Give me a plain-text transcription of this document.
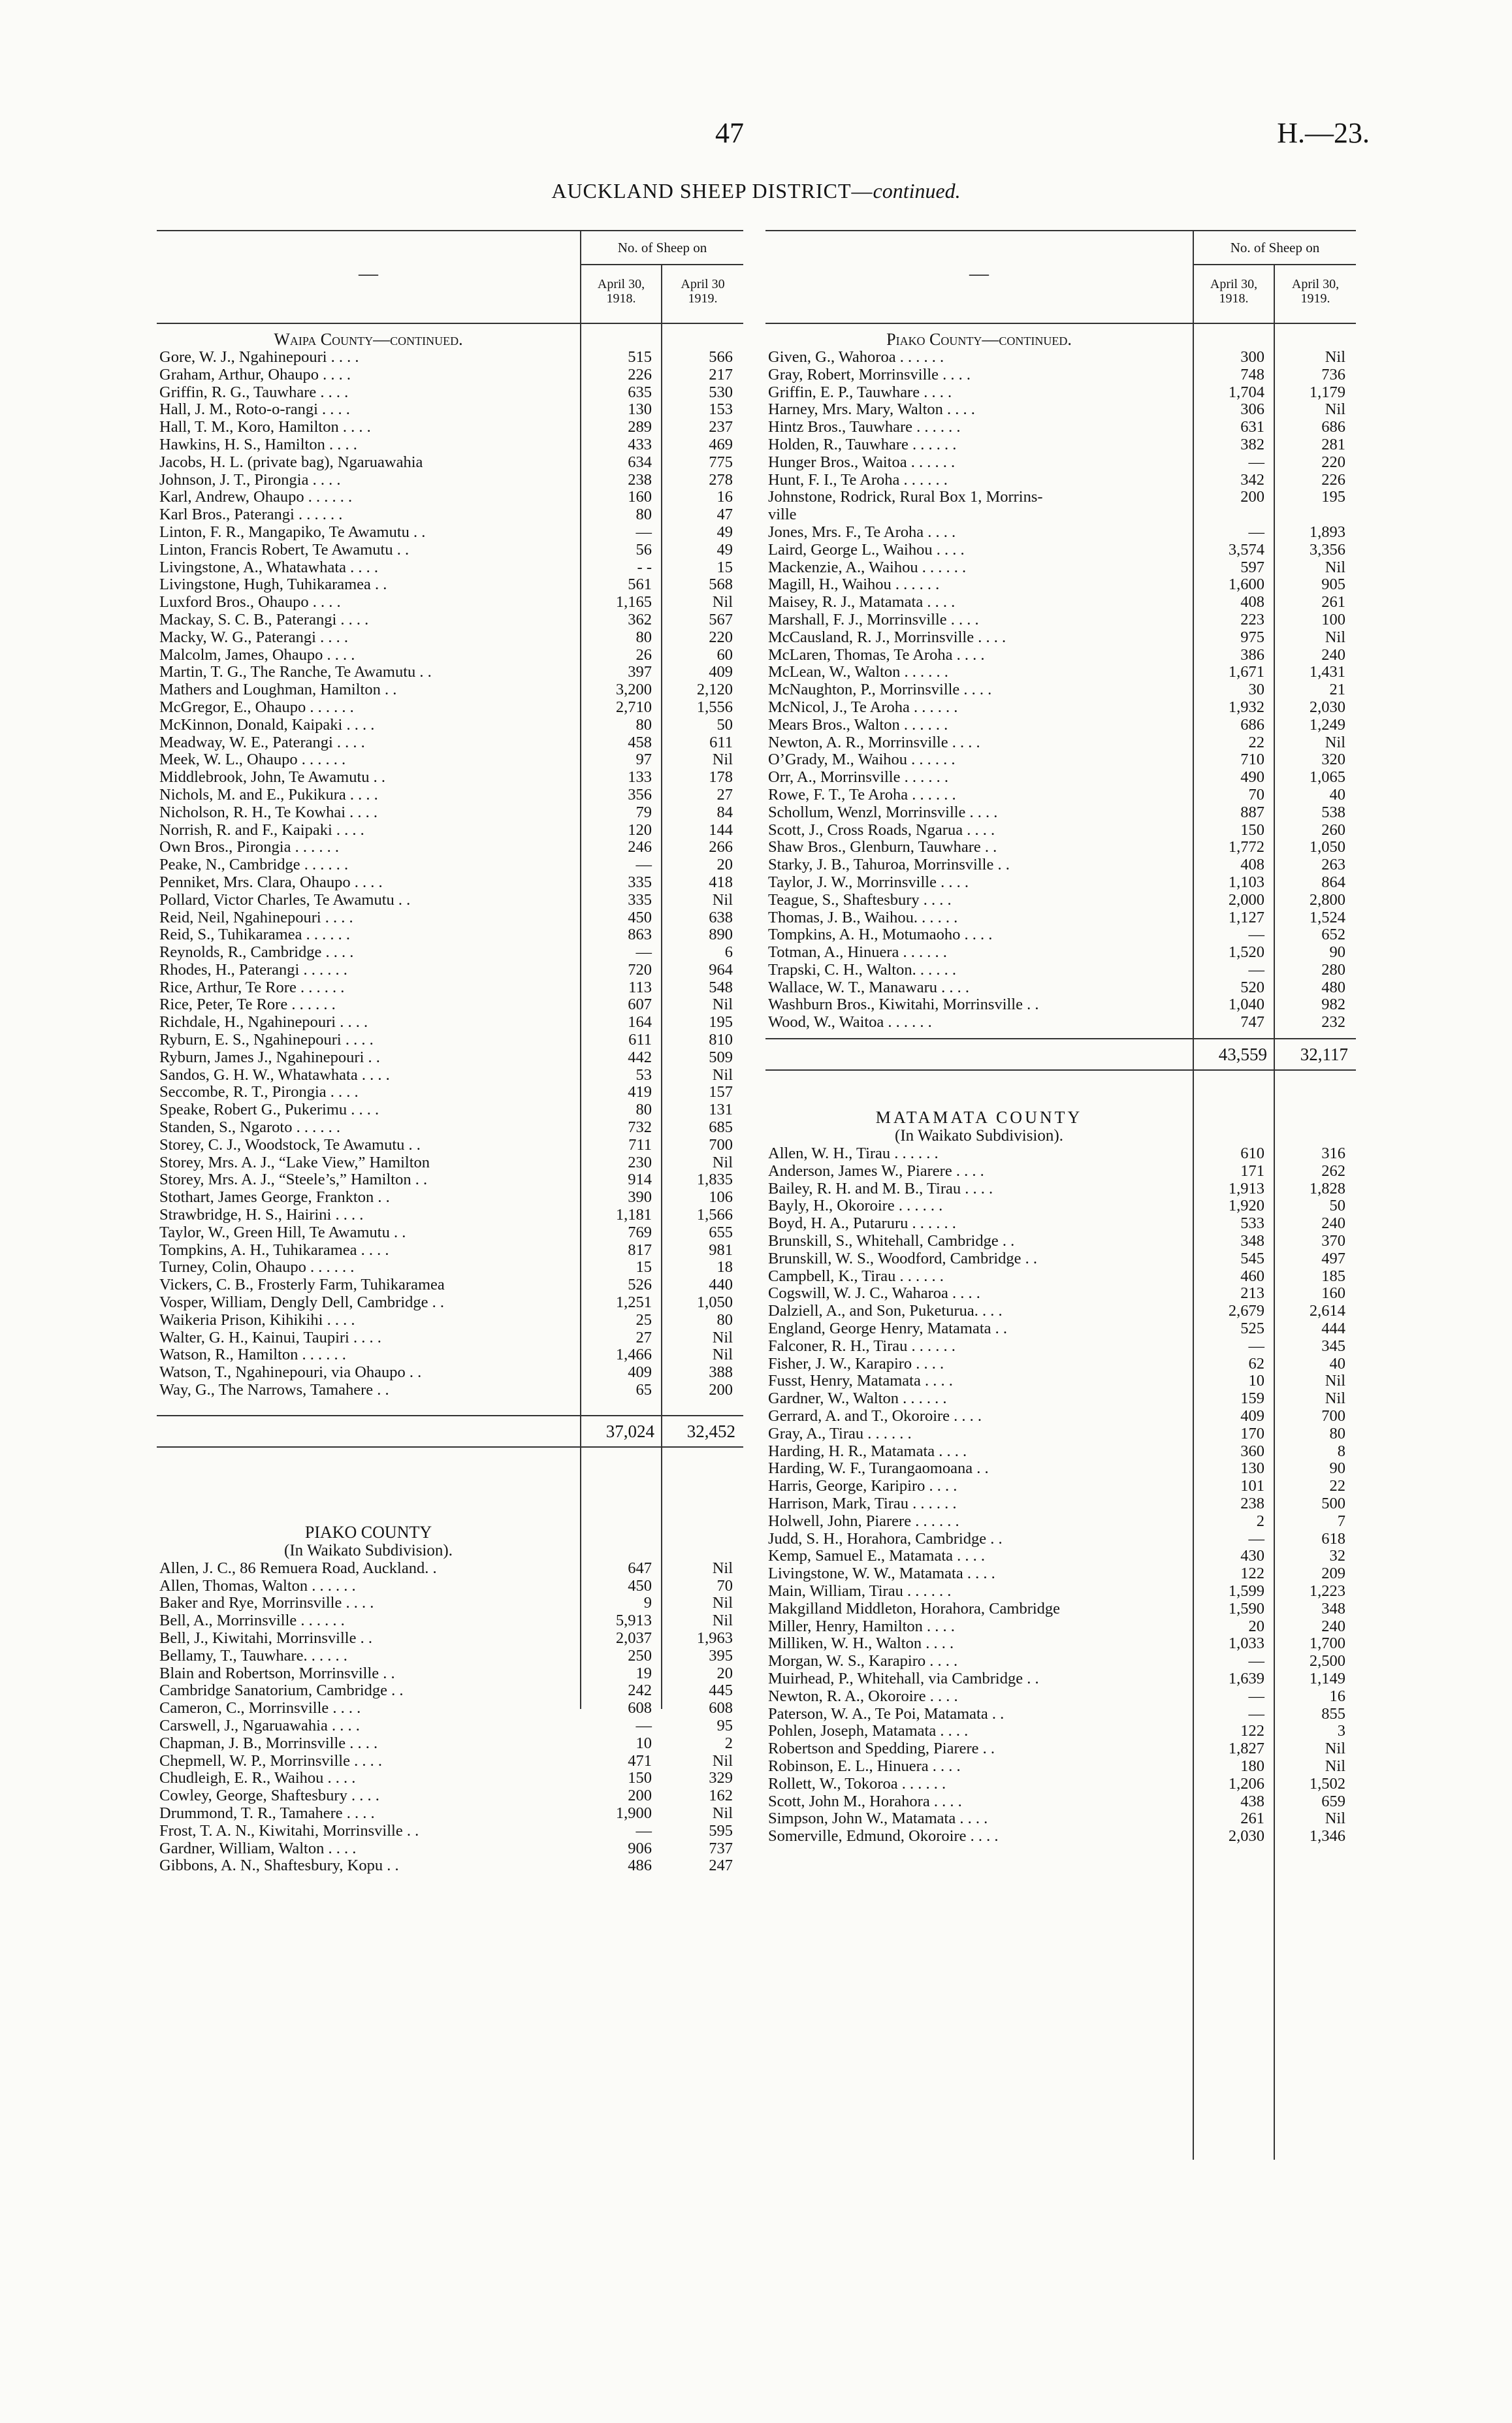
47	H.—23.
AUCKLAND SHEEP DISTRICT—continued.
—
No. of Sheep on
April 30,
1918.
April 30
1919.
Waipa County—continued.
Gore, W. J., Ngahinepouri . . . .	515	566
Graham, Arthur, Ohaupo . . . .	226	217
Griffin, R. G., Tauwhare . . . .	635	530
Hall, J. M., Roto-o-rangi . . . .	130	153
Hall, T. M., Koro, Hamilton . . . .	289	237
Hawkins, H. S., Hamilton . . . .	433	469
Jacobs, H. L. (private bag), Ngaruawahia	634	775
Johnson, J. T., Pirongia . . . .	238	278
Karl, Andrew, Ohaupo . . . . . .	160	16
Karl Bros., Paterangi . . . . . .	80	47
Linton, F. R., Mangapiko, Te Awamutu . .	—	49
Linton, Francis Robert, Te Awamutu . .	56	49
Livingstone, A., Whatawhata . . . .	- -	15
Livingstone, Hugh, Tuhikaramea . .	561	568
Luxford Bros., Ohaupo . . . .	1,165	Nil
Mackay, S. C. B., Paterangi . . . .	362	567
Macky, W. G., Paterangi . . . .	80	220
Malcolm, James, Ohaupo . . . .	26	60
Martin, T. G., The Ranche, Te Awamutu . .	397	409
Mathers and Loughman, Hamilton . .	3,200	2,120
McGregor, E., Ohaupo . . . . . .	2,710	1,556
McKinnon, Donald, Kaipaki . . . .	80	50
Meadway, W. E., Paterangi . . . .	458	611
Meek, W. L., Ohaupo . . . . . .	97	Nil
Middlebrook, John, Te Awamutu . .	133	178
Nichols, M. and E., Pukikura . . . .	356	27
Nicholson, R. H., Te Kowhai . . . .	79	84
Norrish, R. and F., Kaipaki . . . .	120	144
Own Bros., Pirongia . . . . . .	246	266
Peake, N., Cambridge . . . . . .	—	20
Penniket, Mrs. Clara, Ohaupo . . . .	335	418
Pollard, Victor Charles, Te Awamutu . .	335	Nil
Reid, Neil, Ngahinepouri . . . .	450	638
Reid, S., Tuhikaramea . . . . . .	863	890
Reynolds, R., Cambridge . . . .	—	6
Rhodes, H., Paterangi . . . . . .	720	964
Rice, Arthur, Te Rore . . . . . .	113	548
Rice, Peter, Te Rore . . . . . .	607	Nil
Richdale, H., Ngahinepouri . . . .	164	195
Ryburn, E. S., Ngahinepouri . . . .	611	810
Ryburn, James J., Ngahinepouri . .	442	509
Sandos, G. H. W., Whatawhata . . . .	53	Nil
Seccombe, R. T., Pirongia . . . .	419	157
Speake, Robert G., Pukerimu . . . .	80	131
Standen, S., Ngaroto . . . . . .	732	685
Storey, C. J., Woodstock, Te Awamutu . .	711	700
Storey, Mrs. A. J., “Lake View,” Hamilton	230	Nil
Storey, Mrs. A. J., “Steele’s,” Hamilton . .	914	1,835
Stothart, James George, Frankton . .	390	106
Strawbridge, H. S., Hairini . . . .	1,181	1,566
Taylor, W., Green Hill, Te Awamutu . .	769	655
Tompkins, A. H., Tuhikaramea . . . .	817	981
Turney, Colin, Ohaupo . . . . . .	15	18
Vickers, C. B., Frosterly Farm, Tuhikaramea	526	440
Vosper, William, Dengly Dell, Cambridge . .	1,251	1,050
Waikeria Prison, Kihikihi . . . .	25	80
Walter, G. H., Kainui, Taupiri . . . .	27	Nil
Watson, R., Hamilton . . . . . .	1,466	Nil
Watson, T., Ngahinepouri, via Ohaupo . .	409	388
Way, G., The Narrows, Tamahere . .	65	200
37,024	32,452
PIAKO COUNTY
(In Waikato Subdivision).
Allen, J. C., 86 Remuera Road, Auckland. .	647	Nil
Allen, Thomas, Walton . . . . . .	450	70
Baker and Rye, Morrinsville . . . .	9	Nil
Bell, A., Morrinsville . . . . . .	5,913	Nil
Bell, J., Kiwitahi, Morrinsville . .	2,037	1,963
Bellamy, T., Tauwhare. . . . . .	250	395
Blain and Robertson, Morrinsville . .	19	20
Cambridge Sanatorium, Cambridge . .	242	445
Cameron, C., Morrinsville . . . .	608	608
Carswell, J., Ngaruawahia . . . .	—	95
Chapman, J. B., Morrinsville . . . .	10	2
Chepmell, W. P., Morrinsville . . . .	471	Nil
Chudleigh, E. R., Waihou . . . .	150	329
Cowley, George, Shaftesbury . . . .	200	162
Drummond, T. R., Tamahere . . . .	1,900	Nil
Frost, T. A. N., Kiwitahi, Morrinsville . .	—	595
Gardner, William, Walton . . . .	906	737
Gibbons, A. N., Shaftesbury, Kopu . .	486	247
—
No. of Sheep on
April 30,
1918.
April 30,
1919.
Piako County—continued.
Given, G., Wahoroa . . . . . .	300	Nil
Gray, Robert, Morrinsville . . . .	748	736
Griffin, E. P., Tauwhare . . . .	1,704	1,179
Harney, Mrs. Mary, Walton . . . .	306	Nil
Hintz Bros., Tauwhare . . . . . .	631	686
Holden, R., Tauwhare . . . . . .	382	281
Hunger Bros., Waitoa . . . . . .	—	220
Hunt, F. I., Te Aroha . . . . . .	342	226
Johnstone, Rodrick, Rural Box 1, Morrins-	200	195
ville
Jones, Mrs. F., Te Aroha . . . .	—	1,893
Laird, George L., Waihou . . . .	3,574	3,356
Mackenzie, A., Waihou . . . . . .	597	Nil
Magill, H., Waihou . . . . . .	1,600	905
Maisey, R. J., Matamata . . . .	408	261
Marshall, F. J., Morrinsville . . . .	223	100
McCausland, R. J., Morrinsville . . . .	975	Nil
McLaren, Thomas, Te Aroha . . . .	386	240
McLean, W., Walton . . . . . .	1,671	1,431
McNaughton, P., Morrinsville . . . .	30	21
McNicol, J., Te Aroha . . . . . .	1,932	2,030
Mears Bros., Walton . . . . . .	686	1,249
Newton, A. R., Morrinsville . . . .	22	Nil
O’Grady, M., Waihou . . . . . .	710	320
Orr, A., Morrinsville . . . . . .	490	1,065
Rowe, F. T., Te Aroha . . . . . .	70	40
Schollum, Wenzl, Morrinsville . . . .	887	538
Scott, J., Cross Roads, Ngarua . . . .	150	260
Shaw Bros., Glenburn, Tauwhare . .	1,772	1,050
Starky, J. B., Tahuroa, Morrinsville . .	408	263
Taylor, J. W., Morrinsville . . . .	1,103	864
Teague, S., Shaftesbury . . . .	2,000	2,800
Thomas, J. B., Waihou. . . . . .	1,127	1,524
Tompkins, A. H., Motumaoho . . . .	—	652
Totman, A., Hinuera . . . . . .	1,520	90
Trapski, C. H., Walton. . . . . .	—	280
Wallace, W. T., Manawaru . . . .	520	480
Washburn Bros., Kiwitahi, Morrinsville . .	1,040	982
Wood, W., Waitoa . . . . . .	747	232
43,559	32,117
MATAMATA COUNTY
(In Waikato Subdivision).
Allen, W. H., Tirau . . . . . .	610	316
Anderson, James W., Piarere . . . .	171	262
Bailey, R. H. and M. B., Tirau . . . .	1,913	1,828
Bayly, H., Okoroire . . . . . .	1,920	50
Boyd, H. A., Putaruru . . . . . .	533	240
Brunskill, S., Whitehall, Cambridge . .	348	370
Brunskill, W. S., Woodford, Cambridge . .	545	497
Campbell, K., Tirau . . . . . .	460	185
Cogswill, W. J. C., Waharoa . . . .	213	160
Dalziell, A., and Son, Puketurua. . . .	2,679	2,614
England, George Henry, Matamata . .	525	444
Falconer, R. H., Tirau . . . . . .	—	345
Fisher, J. W., Karapiro . . . .	62	40
Fusst, Henry, Matamata . . . .	10	Nil
Gardner, W., Walton . . . . . .	159	Nil
Gerrard, A. and T., Okoroire . . . .	409	700
Gray, A., Tirau . . . . . .	170	80
Harding, H. R., Matamata . . . .	360	8
Harding, W. F., Turangaomoana . .	130	90
Harris, George, Karipiro . . . .	101	22
Harrison, Mark, Tirau . . . . . .	238	500
Holwell, John, Piarere . . . . . .	2	7
Judd, S. H., Horahora, Cambridge . .	—	618
Kemp, Samuel E., Matamata . . . .	430	32
Livingstone, W. W., Matamata . . . .	122	209
Main, William, Tirau . . . . . .	1,599	1,223
Makgilland Middleton, Horahora, Cambridge	1,590	348
Miller, Henry, Hamilton . . . .	20	240
Milliken, W. H., Walton . . . .	1,033	1,700
Morgan, W. S., Karapiro . . . .	—	2,500
Muirhead, P., Whitehall, via Cambridge . .	1,639	1,149
Newton, R. A., Okoroire . . . .	—	16
Paterson, W. A., Te Poi, Matamata . .	—	855
Pohlen, Joseph, Matamata . . . .	122	3
Robertson and Spedding, Piarere . .	1,827	Nil
Robinson, E. L., Hinuera . . . .	180	Nil
Rollett, W., Tokoroa . . . . . .	1,206	1,502
Scott, John M., Horahora . . . .	438	659
Simpson, John W., Matamata . . . .	261	Nil
Somerville, Edmund, Okoroire . . . .	2,030	1,346
